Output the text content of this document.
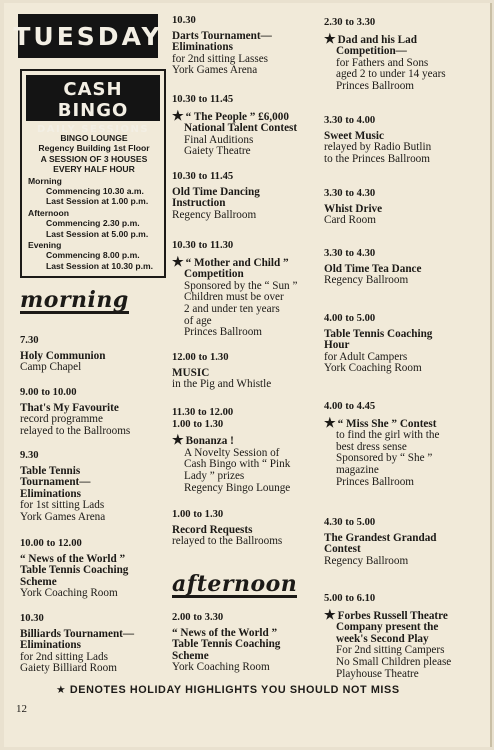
TUESDAY
CASH BINGO
DAILY SESSIONS
BINGO LOUNGE
Regency Building 1st Floor
A SESSION OF 3 HOUSES
EVERY HALF HOUR
Morning
Commencing 10.30 a.m.
Last Session at 1.00 p.m.
Afternoon
Commencing 2.30 p.m.
Last Session at 5.00 p.m.
Evening
Commencing 8.00 p.m.
Last Session at 10.30 p.m.
morning
afternoon
7.30
Holy Communion
Camp Chapel
9.00 to 10.00
That's My Favourite
record programme
relayed to the Ballrooms
9.30
Table Tennis
Tournament—
Eliminations
for 1st sitting Lads
York Games Arena
10.00 to 12.00
“ News of the World ”
Table Tennis Coaching
Scheme
York Coaching Room
10.30
Billiards Tournament—
Eliminations
for 2nd sitting Lads
Gaiety Billiard Room
10.30
Darts Tournament—
Eliminations
for 2nd sitting Lasses
York Games Arena
10.30 to 11.45
★ “ The People ” £6,000
National Talent Contest
Final Auditions
Gaiety Theatre
10.30 to 11.45
Old Time Dancing
Instruction
Regency Ballroom
10.30 to 11.30
★ “ Mother and Child ”
Competition
Sponsored by the “ Sun ”
Children must be over
2 and under ten years
of age
Princes Ballroom
12.00 to 1.30
MUSIC
in the Pig and Whistle
11.30 to 12.00
1.00 to 1.30
★ Bonanza !
A Novelty Session of
Cash Bingo with “ Pink
Lady ” prizes
Regency Bingo Lounge
1.00 to 1.30
Record Requests
relayed to the Ballrooms
2.00 to 3.30
“ News of the World ”
Table Tennis Coaching
Scheme
York Coaching Room
2.30 to 3.30
★ Dad and his Lad
Competition—
for Fathers and Sons
aged 2 to under 14 years
Princes Ballroom
3.30 to 4.00
Sweet Music
relayed by Radio Butlin
to the Princes Ballroom
3.30 to 4.30
Whist Drive
Card Room
3.30 to 4.30
Old Time Tea Dance
Regency Ballroom
4.00 to 5.00
Table Tennis Coaching
Hour
for Adult Campers
York Coaching Room
4.00 to 4.45
★ “ Miss She ” Contest
to find the girl with the
best dress sense
Sponsored by “ She ”
magazine
Princes Ballroom
4.30 to 5.00
The Grandest Grandad
Contest
Regency Ballroom
5.00 to 6.10
★ Forbes Russell Theatre
Company present the
week's Second Play
For 2nd sitting Campers
No Small Children please
Playhouse Theatre
★ DENOTES HOLIDAY HIGHLIGHTS YOU SHOULD NOT MISS
12
